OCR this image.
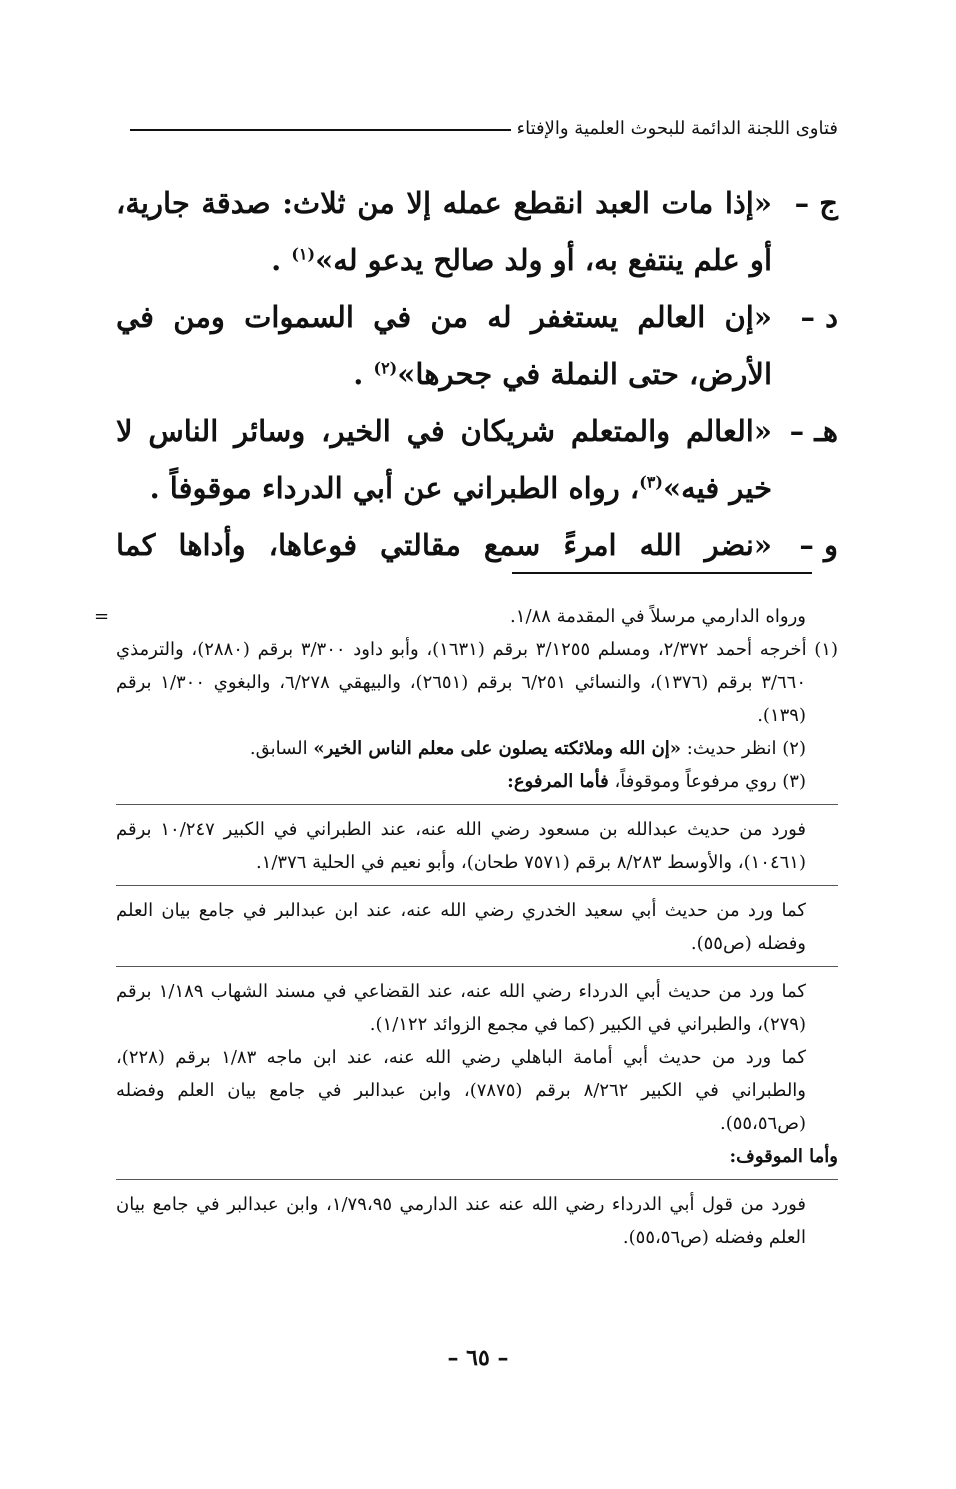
فتاوى اللجنة الدائمة للبحوث العلمية والإفتاء
ج –
«إذا مات العبد انقطع عمله إلا من ثلاث: صدقة جارية، أو علم ينتفع به، أو ولد صالح يدعو له»$^{(١)}$ .
د –
«إن العالم يستغفر له من في السموات ومن في الأرض، حتى النملة في جحرها»$^{(٢)}$ .
هـ –
«العالم والمتعلم شريكان في الخير، وسائر الناس لا خير فيه»$^{(٣)}$، رواه الطبراني عن أبي الدرداء موقوفاً .
و –
«نضر الله امرءً سمع مقالتي فوعاها، وأداها كما
ورواه الدارمي مرسلاً في المقدمة ١/٨٨.
=
(١) أخرجه أحمد ٢/٣٧٢، ومسلم ٣/١٢٥٥ برقم (١٦٣١)، وأبو داود ٣/٣٠٠ برقم (٢٨٨٠)، والترمذي ٣/٦٦٠ برقم (١٣٧٦)، والنسائي ٦/٢٥١ برقم (٢٦٥١)، والبيهقي ٦/٢٧٨، والبغوي ١/٣٠٠ برقم (١٣٩).
(٢) انظر حديث: «إن الله وملائكته يصلون على معلم الناس الخير» السابق.
(٣) روي مرفوعاً وموقوفاً، فأما المرفوع:
فورد من حديث عبدالله بن مسعود رضي الله عنه، عند الطبراني في الكبير ١٠/٢٤٧ برقم (١٠٤٦١)، والأوسط ٨/٢٨٣ برقم (٧٥٧١ طحان)، وأبو نعيم في الحلية ١/٣٧٦.
كما ورد من حديث أبي سعيد الخدري رضي الله عنه، عند ابن عبدالبر في جامع بيان العلم وفضله (ص٥٥).
كما ورد من حديث أبي الدرداء رضي الله عنه، عند القضاعي في مسند الشهاب ١/١٨٩ برقم (٢٧٩)، والطبراني في الكبير (كما في مجمع الزوائد ١/١٢٢).
كما ورد من حديث أبي أمامة الباهلي رضي الله عنه، عند ابن ماجه ١/٨٣ برقم (٢٢٨)، والطبراني في الكبير ٨/٢٦٢ برقم (٧٨٧٥)، وابن عبدالبر في جامع بيان العلم وفضله (ص٥٥،٥٦).
وأما الموقوف:
فورد من قول أبي الدرداء رضي الله عنه عند الدارمي ١/٧٩،٩٥، وابن عبدالبر في جامع بيان العلم وفضله (ص٥٥،٥٦).
– ٦٥ –
